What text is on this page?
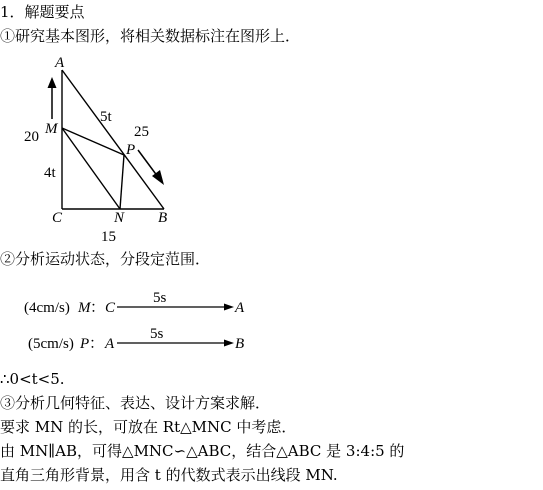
1．解题要点
①研究基本图形，将相关数据标注在图形上．
A
M
P
C	N B
20
4t
5t
25
15
(4cm/s) M ： C
5s
A
(5cm/s) P ： A
5s
B
②分析运动状态，分段定范围．
∴0<t<5.
③分析几何特征、表达、设计方案求解．
要求 MN 的长，可放在 Rt△MNC 中考虑．
由 MN∥AB，可得△MNC∽△ABC，结合△ABC 是 3:4:5 的
直角三角形背景，用含 t 的代数式表示出线段 MN.
